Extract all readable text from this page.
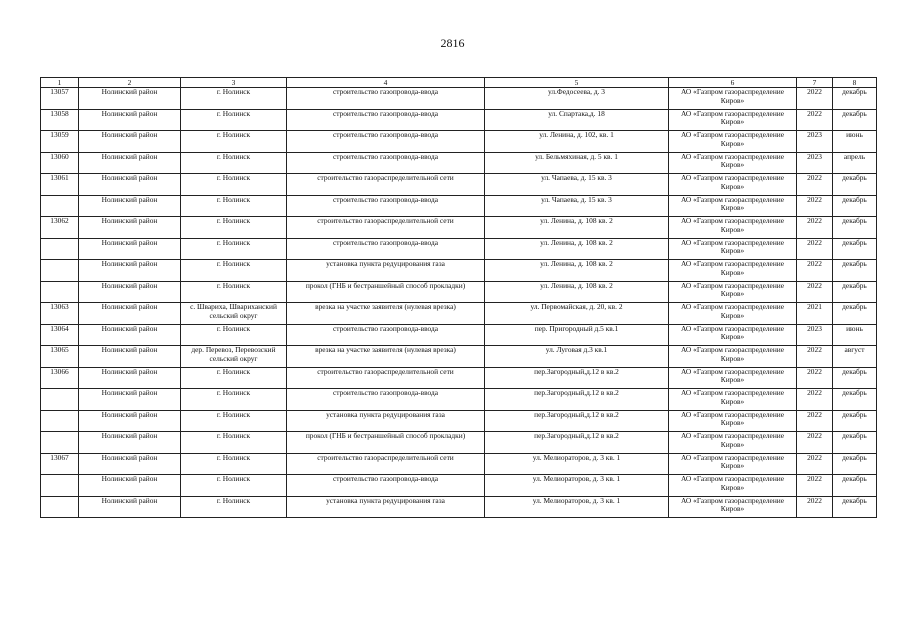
2816
1	2	3	4	5	6	7	8
13057	Нолинский район	г. Нолинск	строительство газопровода-ввода	ул.Федосеева, д. 3	АО «Газпром газораспределение Киров»	2022	декабрь
13058	Нолинский район	г. Нолинск	строительство газопровода-ввода	ул. Спартака,д. 18	АО «Газпром газораспределение Киров»	2022	декабрь
13059	Нолинский район	г. Нолинск	строительство газопровода-ввода	ул. Ленина, д. 102, кв. 1	АО «Газпром газораспределение Киров»	2023	июнь
13060	Нолинский район	г. Нолинск	строительство газопровода-ввода	ул. Бельмяхиная, д. 5 кв. 1	АО «Газпром газораспределение Киров»	2023	апрель
13061	Нолинский район	г. Нолинск	строительство газораспределительной сети	ул. Чапаева, д. 15 кв. 3	АО «Газпром газораспределение Киров»	2022	декабрь
	Нолинский район	г. Нолинск	строительство газопровода-ввода	ул. Чапаева, д. 15 кв. 3	АО «Газпром газораспределение Киров»	2022	декабрь
13062	Нолинский район	г. Нолинск	строительство газораспределительной сети	ул. Ленина, д. 108 кв. 2	АО «Газпром газораспределение Киров»	2022	декабрь
	Нолинский район	г. Нолинск	строительство газопровода-ввода	ул. Ленина, д. 108 кв. 2	АО «Газпром газораспределение Киров»	2022	декабрь
	Нолинский район	г. Нолинск	установка пункта редуцирования газа	ул. Ленина, д. 108 кв. 2	АО «Газпром газораспределение Киров»	2022	декабрь
	Нолинский район	г. Нолинск	прокол (ГНБ и бестраншейный способ прокладки)	ул. Ленина, д. 108 кв. 2	АО «Газпром газораспределение Киров»	2022	декабрь
13063	Нолинский район	с. Шварихa, Швариханский сельский округ	врезка на участке заявителя (нулевая врезка)	ул. Первомайская, д. 20, кв. 2	АО «Газпром газораспределение Киров»	2021	декабрь
13064	Нолинский район	г. Нолинск	строительство газопровода-ввода	пер. Пригородный д.5 кв.1	АО «Газпром газораспределение Киров»	2023	июнь
13065	Нолинский район	дер. Перевоз, Перевозский сельский округ	врезка на участке заявителя (нулевая врезка)	ул. Луговая д.3 кв.1	АО «Газпром газораспределение Киров»	2022	август
13066	Нолинский район	г. Нолинск	строительство газораспределительной сети	пер.Загородный,д.12 в кв.2	АО «Газпром газораспределение Киров»	2022	декабрь
	Нолинский район	г. Нолинск	строительство газопровода-ввода	пер.Загородный,д.12 в кв.2	АО «Газпром газораспределение Киров»	2022	декабрь
	Нолинский район	г. Нолинск	установка пункта редуцирования газа	пер.Загородный,д.12 в кв.2	АО «Газпром газораспределение Киров»	2022	декабрь
	Нолинский район	г. Нолинск	прокол (ГНБ и бестраншейный способ прокладки)	пер.Загородный,д.12 в кв.2	АО «Газпром газораспределение Киров»	2022	декабрь
13067	Нолинский район	г. Нолинск	строительство газораспределительной сети	ул. Мелиораторов, д. 3 кв. 1	АО «Газпром газораспределение Киров»	2022	декабрь
	Нолинский район	г. Нолинск	строительство газопровода-ввода	ул. Мелиораторов, д. 3 кв. 1	АО «Газпром газораспределение Киров»	2022	декабрь
	Нолинский район	г. Нолинск	установка пункта редуцирования газа	ул. Мелиораторов, д. 3 кв. 1	АО «Газпром газораспределение Киров»	2022	декабрь
